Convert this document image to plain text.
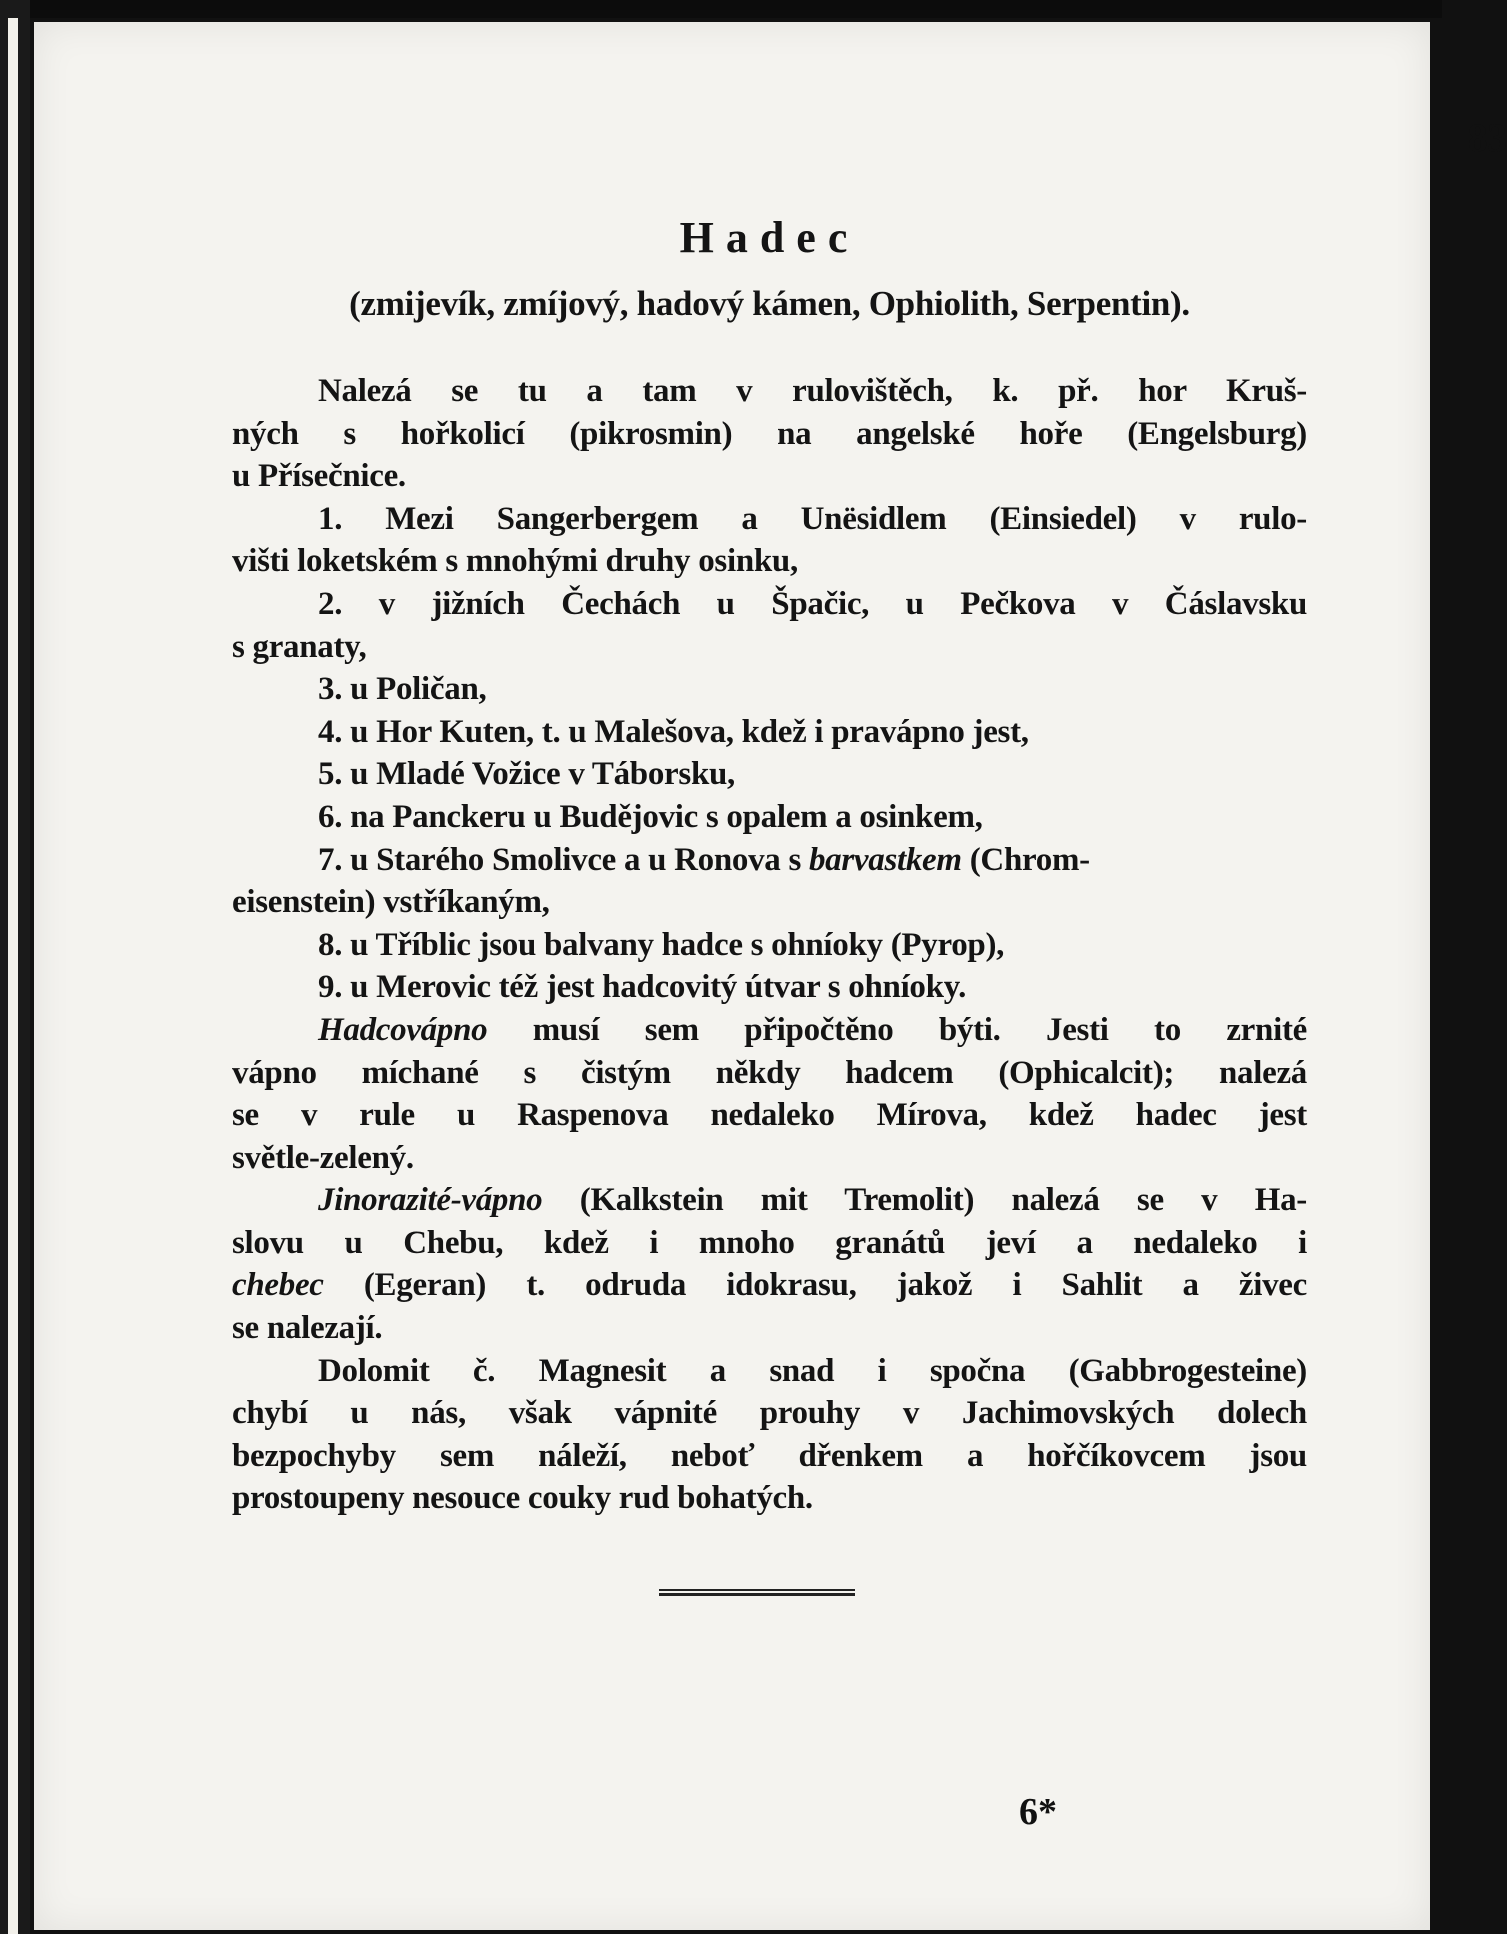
83
Hadec
(zmijevík, zmíjový, hadový kámen, Ophiolith, Serpentin).
Nalezá se tu a tam v rulovištěch, k. př. hor Kruš-
ných s hořkolicí (pikrosmin) na angelské hoře (Engelsburg)
u Přísečnice.
1. Mezi Sangerbergem a Unësidlem (Einsiedel) v rulo-
višti loketském s mnohými druhy osinku,
2. v jižních Čechách u Špačic, u Pečkova v Čáslavsku
s granaty,
3. u Poličan,
4. u Hor Kuten, t. u Malešova, kdež i pravápno jest,
5. u Mladé Vožice v Táborsku,
6. na Panckeru u Budějovic s opalem a osinkem,
7. u Starého Smolivce a u Ronova s barvastkem (Chrom-
eisenstein) vstříkaným,
8. u Tříblic jsou balvany hadce s ohníoky (Pyrop),
9. u Merovic též jest hadcovitý útvar s ohníoky.
Hadcovápno musí sem připočtěno býti. Jesti to zrnité
vápno míchané s čistým někdy hadcem (Ophicalcit); nalezá
se v rule u Raspenova nedaleko Mírova, kdež hadec jest
světle-zelený.
Jinorazité-vápno (Kalkstein mit Tremolit) nalezá se v Ha-
slovu u Chebu, kdež i mnoho granátů jeví a nedaleko i
chebec (Egeran) t. odruda idokrasu, jakož i Sahlit a živec
se nalezají.
Dolomit č. Magnesit a snad i spočna (Gabbrogesteine)
chybí u nás, však vápnité prouhy v Jachimovských dolech
bezpochyby sem náleží, neboť dřenkem a hořčíkovcem jsou
prostoupeny nesouce couky rud bohatých.
6*
